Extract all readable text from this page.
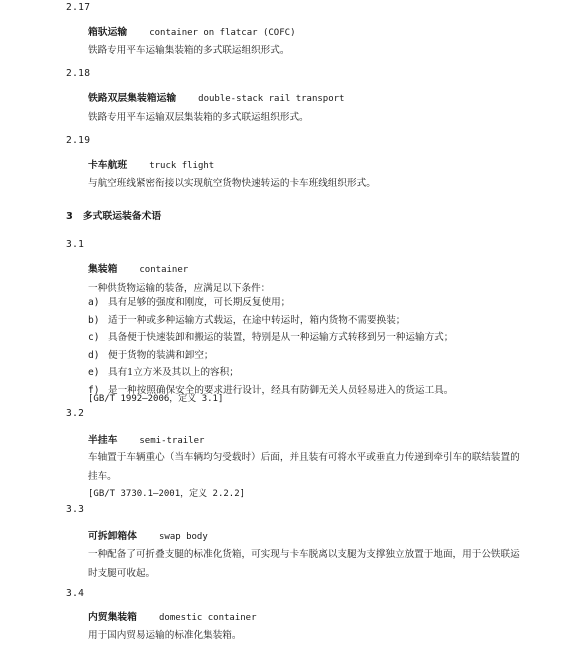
2.17
箱驮运输 container on flatcar (COFC)
铁路专用平车运输集装箱的多式联运组织形式。
2.18
铁路双层集装箱运输 double-stack rail transport
铁路专用平车运输双层集装箱的多式联运组织形式。
2.19
卡车航班 truck flight
与航空班线紧密衔接以实现航空货物快速转运的卡车班线组织形式。
3 多式联运装备术语
3.1
集装箱 container
一种供货物运输的装备，应满足以下条件：
a) 具有足够的强度和刚度，可长期反复使用；
b) 适于一种或多种运输方式载运，在途中转运时，箱内货物不需要换装；
c) 具备便于快速装卸和搬运的装置，特别是从一种运输方式转移到另一种运输方式；
d) 便于货物的装满和卸空；
e) 具有1立方米及其以上的容积；
f) 是一种按照确保安全的要求进行设计，经具有防御无关人员轻易进入的货运工具。
[GB/T 1992—2006，定义 3.1]
3.2
半挂车 semi-trailer
车轴置于车辆重心（当车辆均匀受载时）后面，并且装有可将水平或垂直力传递到牵引车的联结装置的挂车。
[GB/T 3730.1—2001，定义 2.2.2]
3.3
可拆卸箱体 swap body
一种配备了可折叠支腿的标准化货箱，可实现与卡车脱离以支腿为支撑独立放置于地面，用于公铁联运时支腿可收起。
3.4
内贸集装箱 domestic container
用于国内贸易运输的标准化集装箱。
